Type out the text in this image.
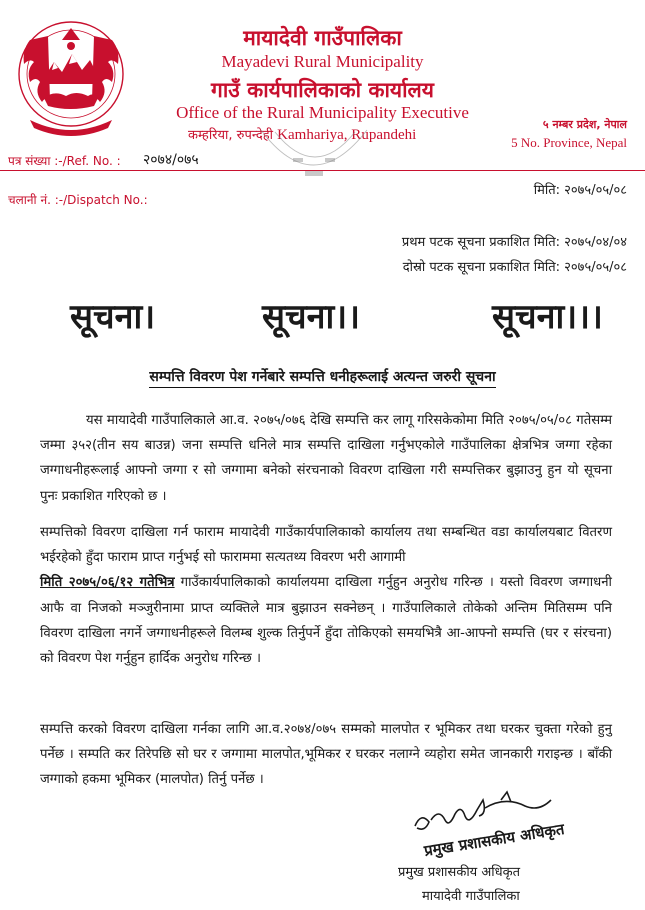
मायादेवी गाउँपालिका
Mayadevi Rural Municipality
गाउँ कार्यपालिकाको कार्यालय
Office of the Rural Municipality Executive
कम्हरिया, रुपन्देही Kamhariya, Rupandehi
५ नम्बर प्रदेश, नेपाल
5 No. Province, Nepal
पत्र संख्या :-/Ref. No. : २०७४/०७५
चलानी नं. :-/Dispatch No.:
मिति: २०७५/०५/०८
प्रथम पटक सूचना प्रकाशित मिति: २०७५/०४/०४
दोस्रो पटक सूचना प्रकाशित मिति: २०७५/०५/०८
सूचना।	सूचना।।	सूचना।।।
सम्पत्ति विवरण पेश गर्नेबारे सम्पत्ति धनीहरूलाई अत्यन्त जरुरी सूचना
यस मायादेवी गाउँपालिकाले आ.व. २०७५/०७६ देखि सम्पत्ति कर लागू गरिसकेकोमा मिति २०७५/०५/०८ गतेसम्म जम्मा ३५२(तीन सय बाउन्न) जना सम्पत्ति धनिले मात्र सम्पत्ति दाखिला गर्नुभएकोले गाउँपालिका क्षेत्रभित्र जग्गा रहेका जग्गाधनीहरूलाई आफ्नो जग्गा र सो जग्गामा बनेको संरचनाको विवरण दाखिला गरी सम्पत्तिकर बुझाउनु हुन यो सूचना पुनः प्रकाशित गरिएको छ ।
सम्पत्तिको विवरण दाखिला गर्न फाराम मायादेवी गाउँकार्यपालिकाको कार्यालय तथा सम्बन्धित वडा कार्यालयबाट वितरण भईरहेको हुँदा फाराम प्राप्त गर्नुभई सो फाराममा सत्यतथ्य विवरण भरी आगामी
मिति २०७५/०६/१२ गतेभित्र गाउँकार्यपालिकाको कार्यालयमा दाखिला गर्नुहुन अनुरोध गरिन्छ । यस्तो विवरण जग्गाधनी आफै वा निजको मञ्जुरीनामा प्राप्त व्यक्तिले मात्र बुझाउन सक्नेछन् । गाउँपालिकाले तोकेको अन्तिम मितिसम्म पनि विवरण दाखिला नगर्ने जग्गाधनीहरूले विलम्ब शुल्क तिर्नुपर्ने हुँदा तोकिएको समयभित्रै आ-आफ्नो सम्पत्ति (घर र संरचना) को विवरण पेश गर्नुहुन हार्दिक अनुरोध गरिन्छ ।
सम्पत्ति करको विवरण दाखिला गर्नका लागि आ.व.२०७४/०७५ सम्मको मालपोत र भूमिकर तथा घरकर चुक्ता गरेको हुनु पर्नेछ । सम्पति कर तिरेपछि सो घर र जग्गामा मालपोत,भूमिकर र घरकर नलाग्ने व्यहोरा समेत जानकारी गराइन्छ । बाँकी जग्गाको हकमा भूमिकर (मालपोत) तिर्नु पर्नेछ ।
प्रमुख प्रशासकीय अधिकृत
प्रमुख प्रशासकीय अधिकृत
मायादेवी गाउँपालिका
